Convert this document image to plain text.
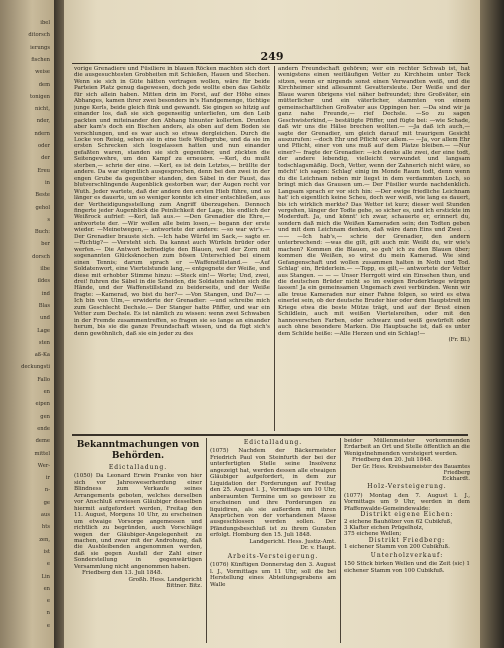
ibel
ditorsch
ierungs
fischen
weise
dem
tonigen
nicht,
nder,
ndern
oder
der
Ereu
in
Beste
gehol
s
Buch:
ber
dorsch
ilbe
ildes
ind
Blas
und
Lage
sten
aß-Ka
deckungsti
Fallo
en
eipen
gen
ende
deme
mittel
Wer-
ir
n-
ge
aus
hts
zen,
ist
e
Lin
en
e
n
e
249

vorige Grenadiere und Füsiliere in blauen Röcken machten sich dort die ausgesuchtesten Grobheiten mit Schießen, Hauen und Stechen. Wenn sie sich in Güte hätten vertragen wollen, wäre für beide Parteien Platz genug dagewesen, doch jede wollte eben das Gehölz für sich allein haben. Mitten drin im Forst, auf der Höhe eines Abhanges, kamen ihrer zwei besonders in's Handgemenge, tüchtige junge Kerls, beide gleich flink und gewandt. Sie gingen so hitzig auf einander los, daß sie sich gegenseitig unterliefen, um den Leib packten und miteinander den Abhang hinunter kollerten. Drunten aber kam's doch ein Bischen anders, als oben auf dem Boden sie verschlungen, und es war auch so etwas dergleichen. Durch die Locke von Reisig, sehen sie in eine tiefe Wolfsgrube, und da sie im ersten Schrecken sich losgelassen hatten und nun einander gefaßten waren, standen sie sich gegenüber, und zückten die Seitengewehre, um den Kampf zu erneuern. —Kerl, du mußt sterben,— schrie der eine. —Kerl, es ist dein Letztes,— brüllte der andere. Da war eigentlich ausgesprochen, denn bei den zwei in der engen Grube da gegenüber standen, den Säbel in der Faust, das blutverschlingende Augenblick gestorben war; der Augen recht vor Wuth. Jeder wartete, daß der andere den ersten Hieb führe, und so länger es dauerte, um so weniger konnte ich einer entschließen, aus der Vertheidigungsstellung zum Angriff überzugehen. Dennoch fingerte jeder Augenblick die Peinlichkeit der Lage, bis endlich der Weißrock aufrief: —Kerl, laß aus.— —Den Grenadier die Ehre,— antwortete der. —Wir wollen alle beim losen,— begann der erste wieder. —Meinetwegen,— antwortete der andere: —so war wir's.— Der Grenadier brauste sich. —Ich habe Würfel im Sack,— sagte er. —Richtig?— —Versteht sich. Da kannst auch Würfeln brüder oder werfen.— Die Antwort befriedigte den Blauen, weil der Zorn mit sogenannten Glücksknochen zum bösen Unterschied bei einem einen Tennis; darum sprach er —Waffenstillstand.— —Auf Soldatenwort, eine Viertelstunde lang,— entgegnete der Weiße, und diese mit erhobter Stimme hinzu: —Steck ein!— Worte; Und, zwei, drei! fuhren die Säbel in die Scheiden, die Soldaten nahten sich die Hände, und der Waffenstillstand zu beiderseits, und der Weiße fragte: —Kamerad, wo bist du her?— —Von Stangen, und Du?— —Ich bin von Ulm,— erwiderte der Grenadier: —und schreibe mich zum Geschlecht Dechsle.— Der Stanger hatte Pfiffer, und war ein Vetter zum Dechsle. Es ist nämlich zu wissen: wenn zwei Schwaben in der Fremde zusammentreffen, so fragen sie so lange an einander herum, bis sie die ganze Freundschaft wissen, und da fügt sich's denn gewöhnlich, daß sie ein jeder zu des

andern Freundschaft gehören; wer ein rechter Schwab ist, hat wenigstens einen weitläufigen Vetter zu Kirchheim unter Teck sitzen, wenn er nirgends sonst einen Verwandten weiß, und die Kirchheimer sind allesammt Gevattersleute. Der Weiße und der Blaue waren übrigens viel näher befreundet; ihre Großväter, ein mütterlicher und ein väterlicher, stammten von einem gemeinschaftlichen Großvater aus Oppingen her. —Da sind wir ja ganz nahe Freunde,— rief Dechsle. —So zu sagen Geschwisterkind,— bestätigte Pfiffer, und fügte bei: —wie Schade, daß wir uns die Hälse brechen wollten.— —Ja daß ich auch,— sagte der Grenadier, um gleich darauf mit traurigem Gesicht auszurufen: —doch Ehr und Pflicht vor allem.— —Ja, vor allem Ehr und Pflicht, einer von uns muß auf dem Platze bleiben.— —Nur einer?— fragte der Grenadier: —ich denke alle zwei, der eine todt, der andere lebendig, vielleicht verwundet und langsam todschlagsmäßig. Doch, Vetter, wenn der Zahnerich nicht wäre, so möcht' ich sagen: Schlag' einig im Monde Raum todt, denn wenn du die Leichnam neben mir liegst in dem verdammten Loch, so bringt mich das Grausen um.— Der Füsilier wurde nachdenklich. Langsam sprach er vor sich hin: —Der ewige friedliche Leichnam hat' ich eigentlich keine Scheu, doch wer weiß, wie lang es dauert, bis ich wirklich merkte? Das Wetter ist kurz; dieser weil Stunden vergehen, länger der Todte gebe, so sicher es, und ich erstickte im Moderduft. Ja, und könnt' ich zwar, schauerte er, erinnert du, sondern daß mich die Weißen Kameraden sein; den Todten geben und mit dem Leichnam denken, daß wäre dann Eins und Zwei . . —— —Ich hab's,— schrie der Grenadier, den andern unterbrechend: —was die gilt, gilt auch mir. Weißt du, wir wie's machen? Kommen die Blauen, so geh' ich zu den Blauen über; kommen die Weißen, so wirst du mein Kamerad. Wie sind Gefangenschaft und wollen zusammen halten in Noth und Tod. Schlag' ein, Brüderlein.— —Topp, es gilt,— antwortete der Vetter aus Stangen. — — — Unser Herrgott wird ein Einsehen thun, und die deutschen Brüder nicht so im ewigen Bruderkriege würgen lassen! Ja ein gemeinsamen Ungemach zwei verbünden. Wenn wir alle treue Kameraden nur einer Fahne folgen, so wird es etwa einerlei sein, ob der deutsche Bruder hier oder dem Hauptstreit im Kriege etwa die beste Mütze trägt, und auf der Brust einen Schildlein, auch mit weißen Viertelsreihen, oder mit den hannoverschen Farben, oder schwarz und weiß gewürfelt oder auch ohne besondere Marken. Die Hauptsache ist, daß es unter dem Schilde heiße: —Alle Herzen und ein Schlag!—

(Fr. Bl.)

Bekanntmachungen von Behörden.
Edictalladung.

(1050) Da Leonard Erwin Franke von hier sich vor Jahresweserherdung einer Blindness zum Verkaufe seines Arrangements geboten, welches derselben vor Anschluß erwiesen Gläubiger desselben hiermit aufgefordert werden, Freitag den 11. August, Morgens 10 Uhr, zu erscheinen um etwaige Vorsorge angemessen und richtlich zu begründen, auch Vorschläge wegen der Gläubiger-Angelegenheit zu machen, und zwar mit der Androhung, daß die Ausbleibenden angenommen werden, daß sie gegen Ausfall der Zahl einer Sonderstellung in gegenwärtigen Versammlung nicht angenommen haben.

Friedberg den 13. Juli 1848.

Großh. Hess. Landgericht

Bittner. Bitz.

Edictalladung.

(1075) Nachdem der Bäckermeister Friedrich Paul von Steinfurth der bei der unterfertigten Stelle seine Insolvenz angezeigt hat, werden dessen alle etwaigen Gläubiger aufgefordert, in dem zur Liquidation der Forderungen auf Freitag den 25. August l. J., Vormittags um 10 Uhr, anberaumten Termine um so gewisser zu erscheinen und ihre Forderungen zu liquidiren, als sie außerdem mit ihren Ansprüchen von der vorhandenen Masse ausgeschlossen werden sollen. Der Pfändungsbeschluß ist zu ihrem Gunsten erfolgt. Homburg den 15. Juli 1848.

Landgericht. Hess. Justiz-Amt.

Dr. v. Haupt.

Arbeits-Versteigerung.

(1076) Künftigen Donnerstag den 3. August l. J., Vormittags um 11 Uhr, soll die bei Herstellung eines Abteilungsgrabens am Walle

beider Müllenmeister vorkommenden Erdarbeit an Ort und Stelle öffentlich an die Wenigstnehmenden versteigert werden.

Friedberg den 20. Juli 1848.

Der Gr. Hess. Kreisbaumeister des Bauamtes Friedberg

Eckhardt.

Holz-Versteigerung.

(1077) Montag den 7. August l. J., Vormittags um 9 Uhr, werden in dem Pfaffenwalde-Gemeindewalde:

Distrikt eigene Eichen:

2 eichene Bauhölzer von 62 Cubikfuß,

3 Klafter eichen Prügelholz,

375 eichene Wellen;

Distrikt Friedberg:

1 eichener Stamm von 200 Cubikfuß.

Unterholzverkauf:

150 Stück birken Wellen und die Zeit (sic) 1 eichener Stamm von 100 Cubikfuß.
